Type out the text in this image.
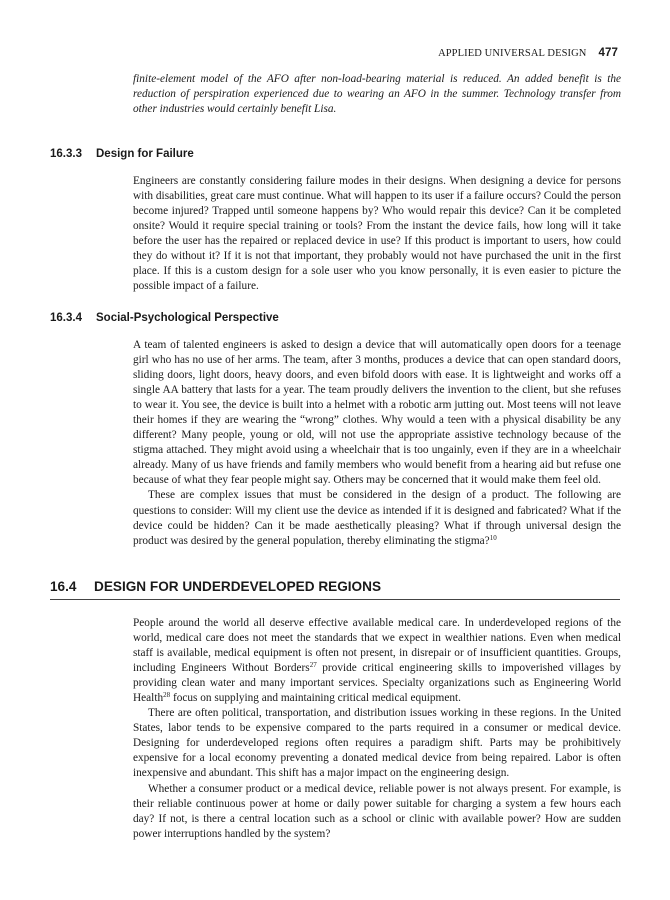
APPLIED UNIVERSAL DESIGN 477

finite-element model of the AFO after non-load-bearing material is reduced. An added benefit is the reduction of perspiration experienced due to wearing an AFO in the summer. Technology transfer from other industries would certainly benefit Lisa.

16.3.3 Design for Failure

Engineers are constantly considering failure modes in their designs. When designing a device for persons with disabilities, great care must continue. What will happen to its user if a failure occurs? Could the person become injured? Trapped until someone happens by? Who would repair this device? Can it be completed onsite? Would it require special training or tools? From the instant the device fails, how long will it take before the user has the repaired or replaced device in use? If this product is important to users, how could they do without it? If it is not that important, they probably would not have purchased the unit in the first place. If this is a custom design for a sole user who you know personally, it is even easier to picture the possible impact of a failure.

16.3.4 Social-Psychological Perspective

A team of talented engineers is asked to design a device that will automatically open doors for a teenage girl who has no use of her arms. The team, after 3 months, produces a device that can open standard doors, sliding doors, light doors, heavy doors, and even bifold doors with ease. It is lightweight and works off a single AA battery that lasts for a year. The team proudly delivers the invention to the client, but she refuses to wear it. You see, the device is built into a helmet with a robotic arm jutting out. Most teens will not leave their homes if they are wearing the “wrong” clothes. Why would a teen with a physical disability be any different? Many people, young or old, will not use the appropriate assistive technology because of the stigma attached. They might avoid using a wheelchair that is too ungainly, even if they are in a wheelchair already. Many of us have friends and family members who would benefit from a hearing aid but refuse one because of what they fear people might say. Others may be concerned that it would make them feel old.

These are complex issues that must be considered in the design of a product. The following are questions to consider: Will my client use the device as intended if it is designed and fabricated? What if the device could be hidden? Can it be made aesthetically pleasing? What if through universal design the product was desired by the general population, thereby eliminating the stigma?$^{10}$

16.4 DESIGN FOR UNDERDEVELOPED REGIONS

People around the world all deserve effective available medical care. In underdeveloped regions of the world, medical care does not meet the standards that we expect in wealthier nations. Even when medical staff is available, medical equipment is often not present, in disrepair or of insufficient quantities. Groups, including Engineers Without Borders$^{27}$ provide critical engineering skills to impoverished villages by providing clean water and many important services. Specialty organizations such as Engineering World Health$^{28}$ focus on supplying and maintaining critical medical equipment.

There are often political, transportation, and distribution issues working in these regions. In the United States, labor tends to be expensive compared to the parts required in a consumer or medical device. Designing for underdeveloped regions often requires a paradigm shift. Parts may be prohibitively expensive for a local economy preventing a donated medical device from being repaired. Labor is often inexpensive and abundant. This shift has a major impact on the engineering design.

Whether a consumer product or a medical device, reliable power is not always present. For example, is their reliable continuous power at home or daily power suitable for charging a system a few hours each day? If not, is there a central location such as a school or clinic with available power? How are sudden power interruptions handled by the system?
